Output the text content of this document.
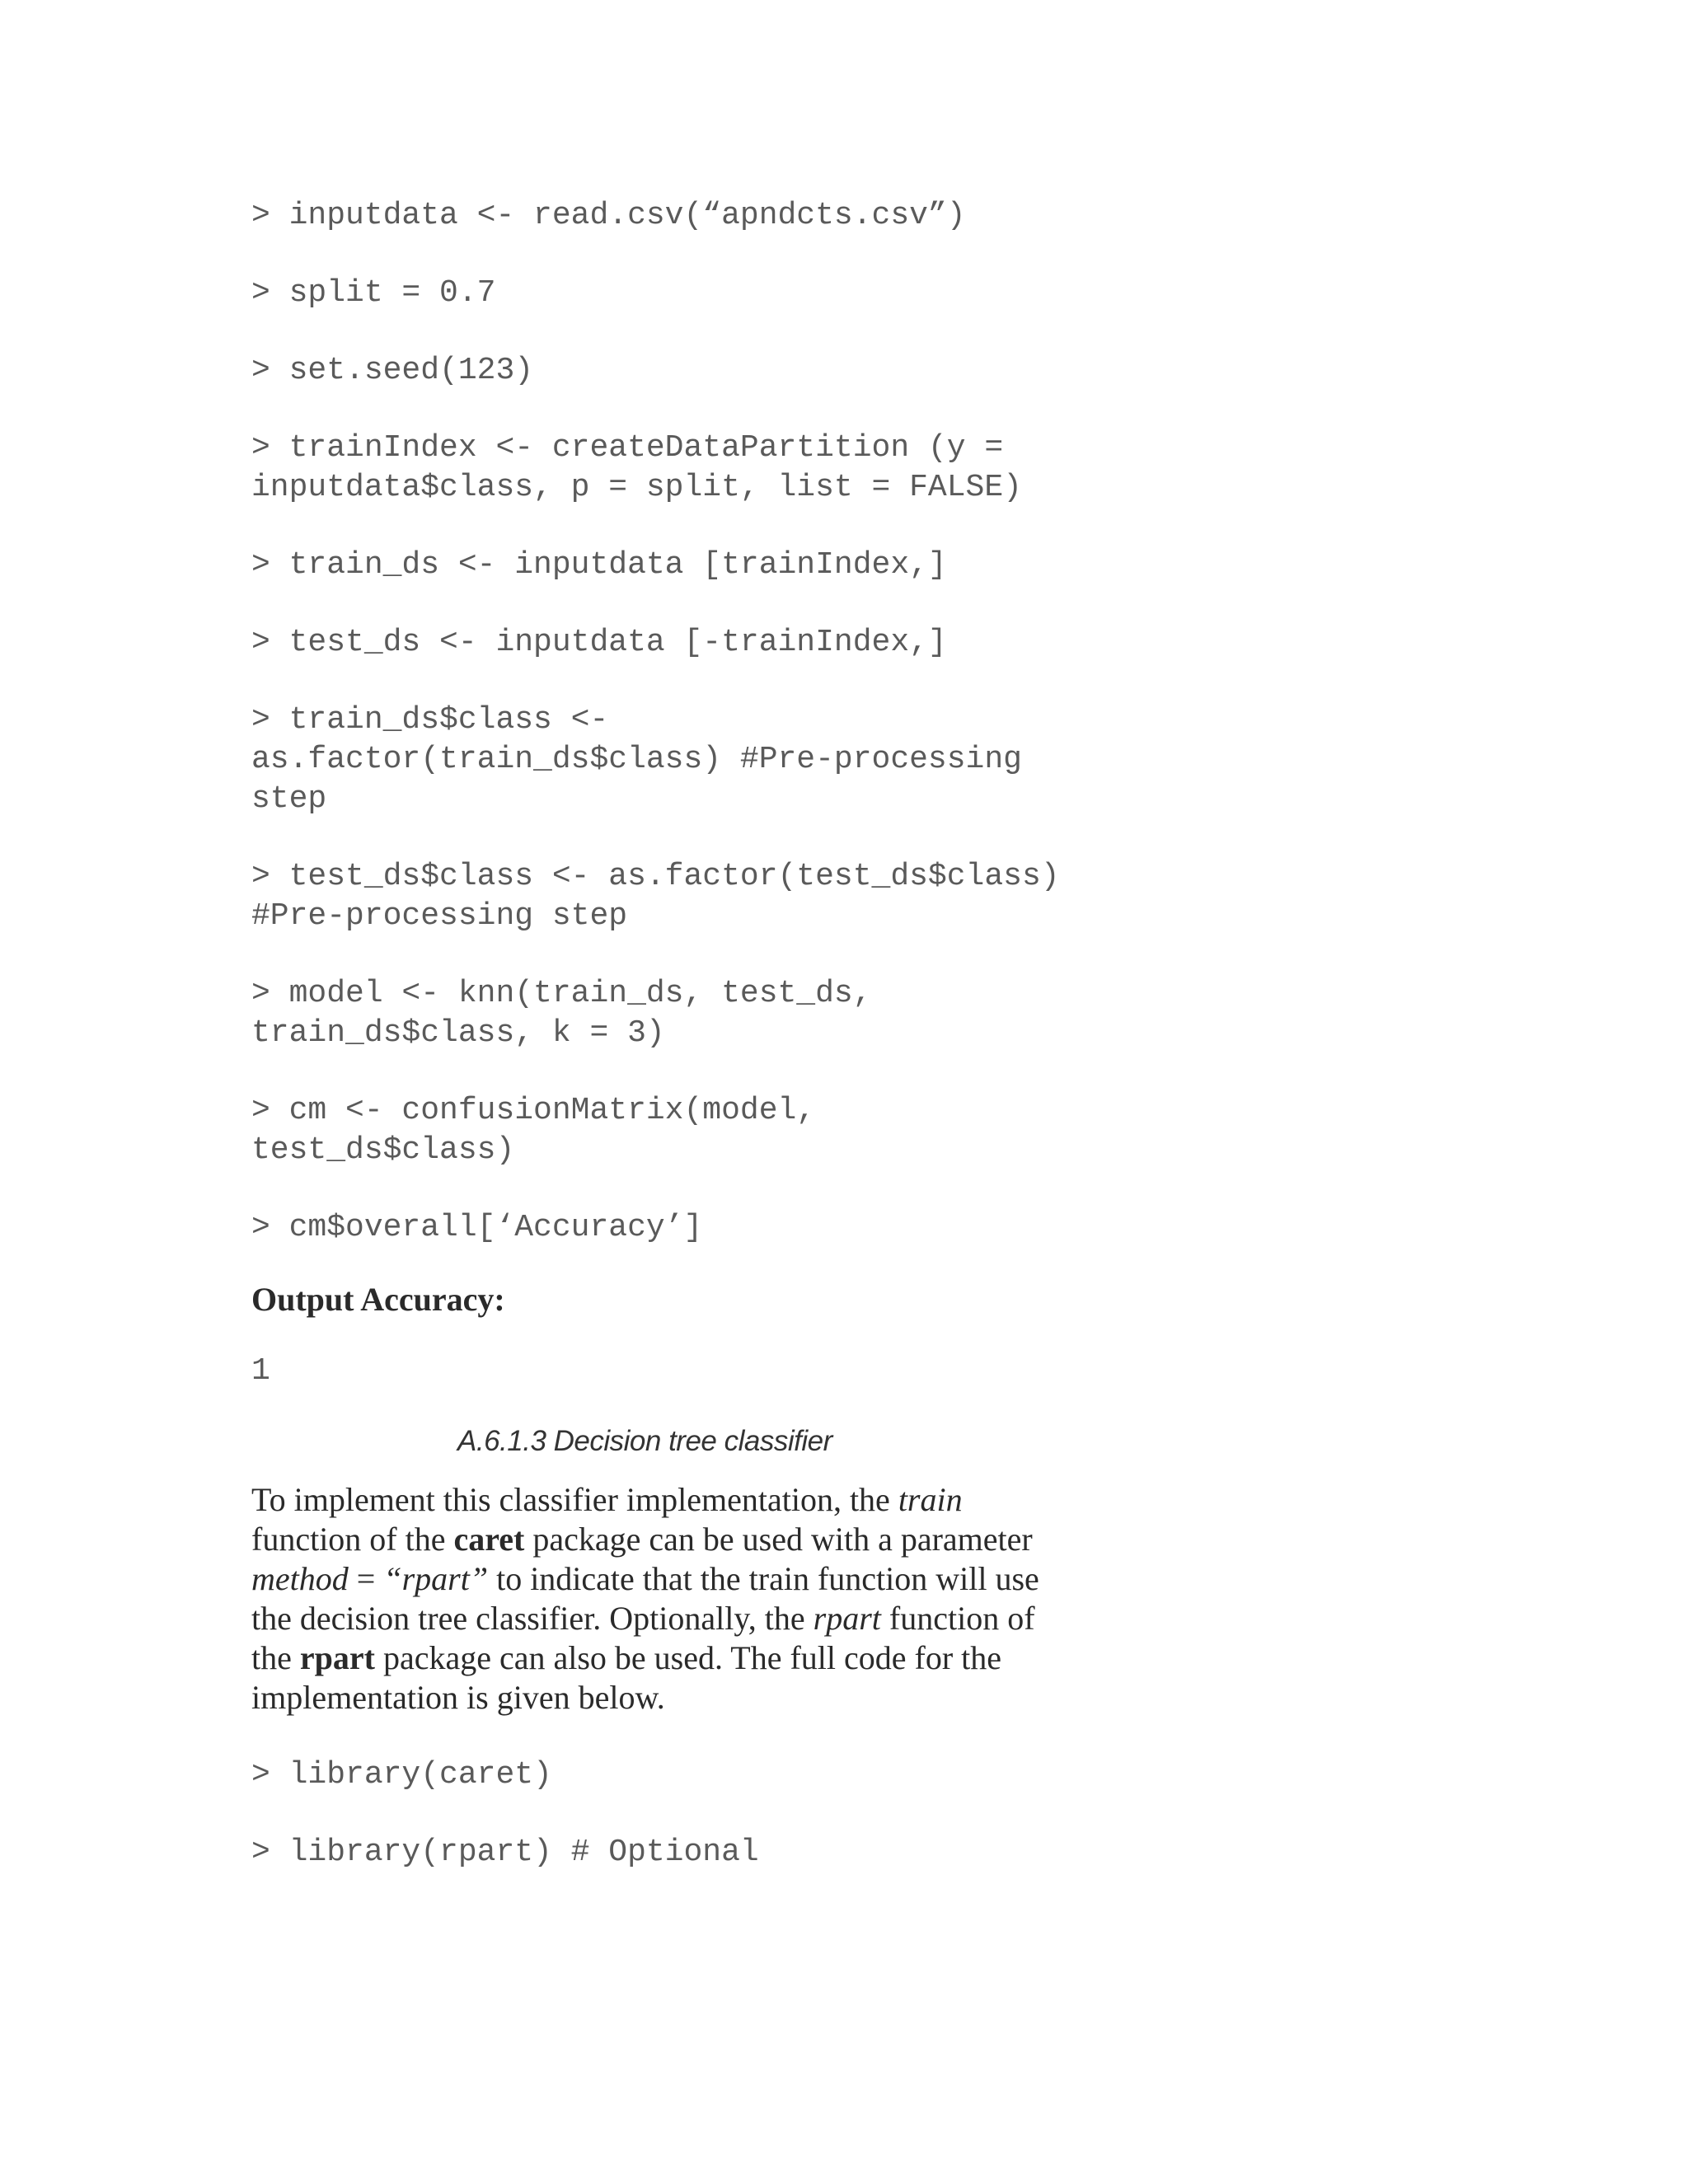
> inputdata <- read.csv(“apndcts.csv”)
> split = 0.7
> set.seed(123)
> trainIndex <- createDataPartition (y = inputdata$class, p = split, list = FALSE)
> train_ds <- inputdata [trainIndex,]
> test_ds <- inputdata [-trainIndex,]
> train_ds$class <- as.factor(train_ds$class) #Pre-processing step
> test_ds$class <- as.factor(test_ds$class) #Pre-processing step
> model <- knn(train_ds, test_ds, train_ds$class, k = 3)
> cm <- confusionMatrix(model, test_ds$class)
> cm$overall[‘Accuracy’]

Output Accuracy:

1

A.6.1.3 Decision tree classifier

To implement this classifier implementation, the train function of the caret package can be used with a parameter method = “rpart” to indicate that the train function will use the decision tree classifier. Optionally, the rpart function of the rpart package can also be used. The full code for the implementation is given below.

> library(caret)
> library(rpart) # Optional
